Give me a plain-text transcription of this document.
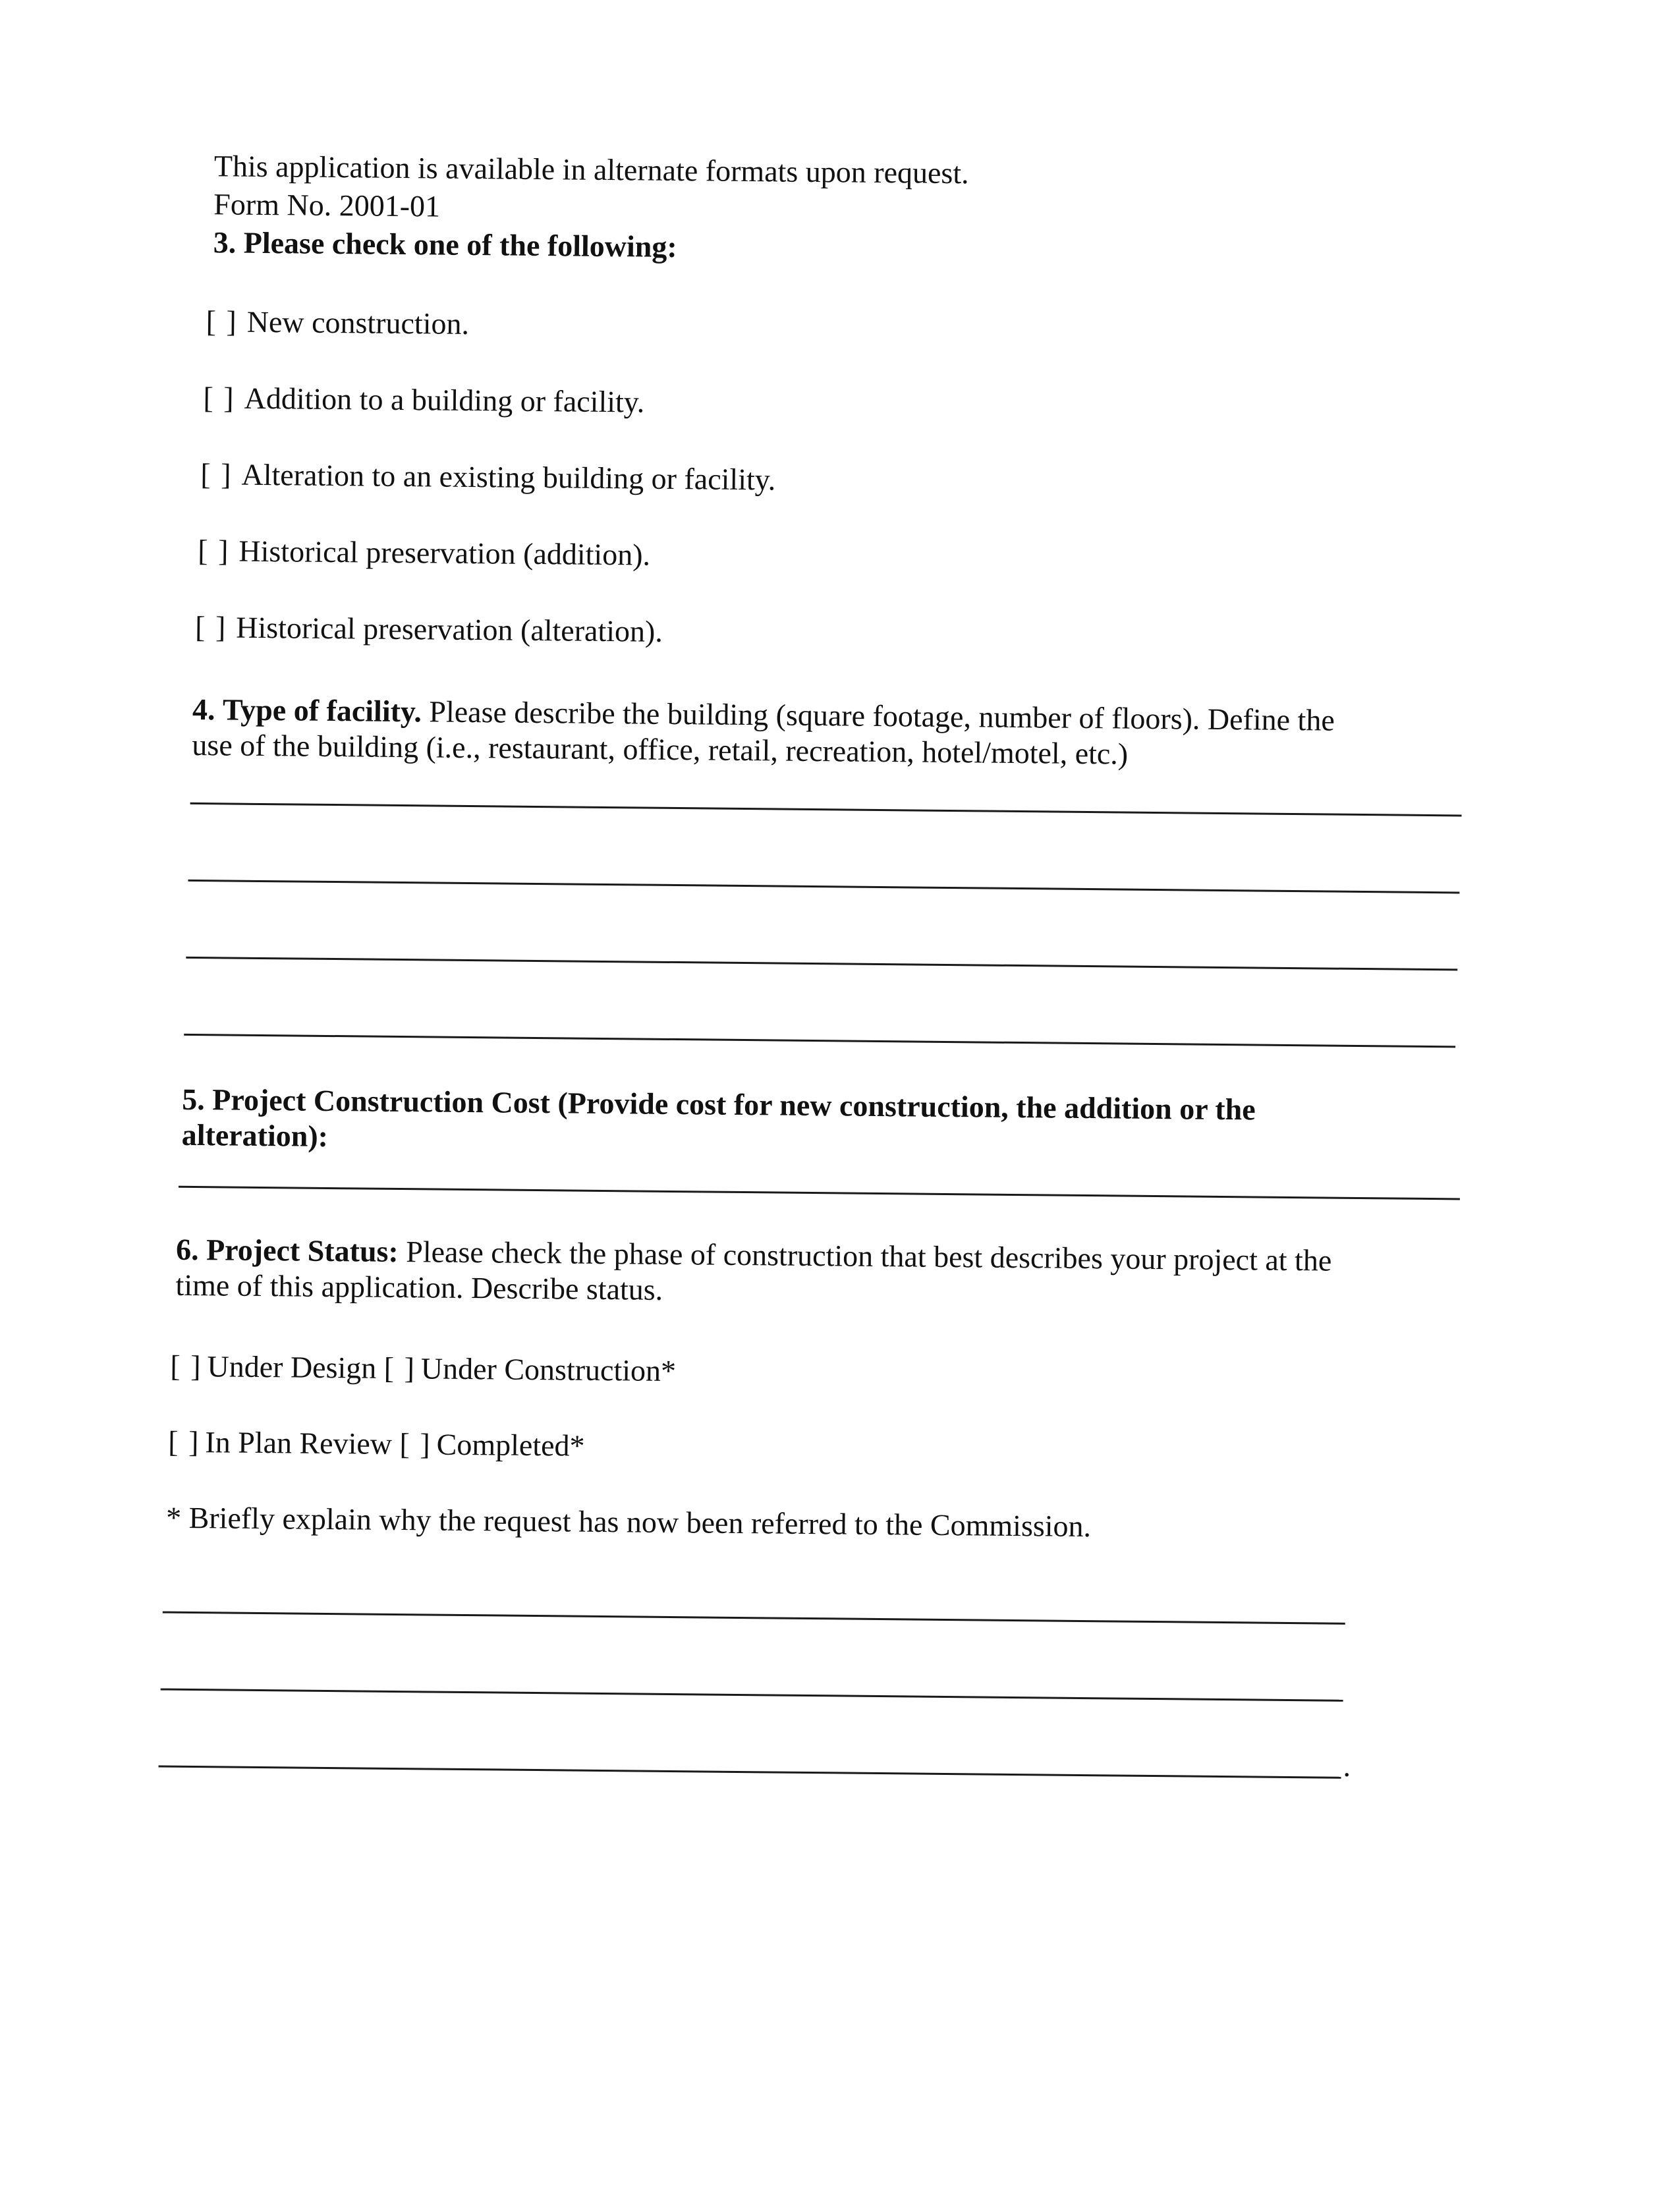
This application is available in alternate formats upon request.
Form No. 2001-01
3. Please check one of the following:
[ ] New construction.
[ ] Addition to a building or facility.
[ ] Alteration to an existing building or facility.
[ ] Historical preservation (addition).
[ ] Historical preservation (alteration).
4. Type of facility. Please describe the building (square footage, number of floors). Define the
use of the building (i.e., restaurant, office, retail, recreation, hotel/motel, etc.)
5. Project Construction Cost (Provide cost for new construction, the addition or the
alteration):
6. Project Status: Please check the phase of construction that best describes your project at the
time of this application. Describe status.
[ ] Under Design [ ] Under Construction*
[ ] In Plan Review [ ] Completed*
* Briefly explain why the request has now been referred to the Commission.
.
